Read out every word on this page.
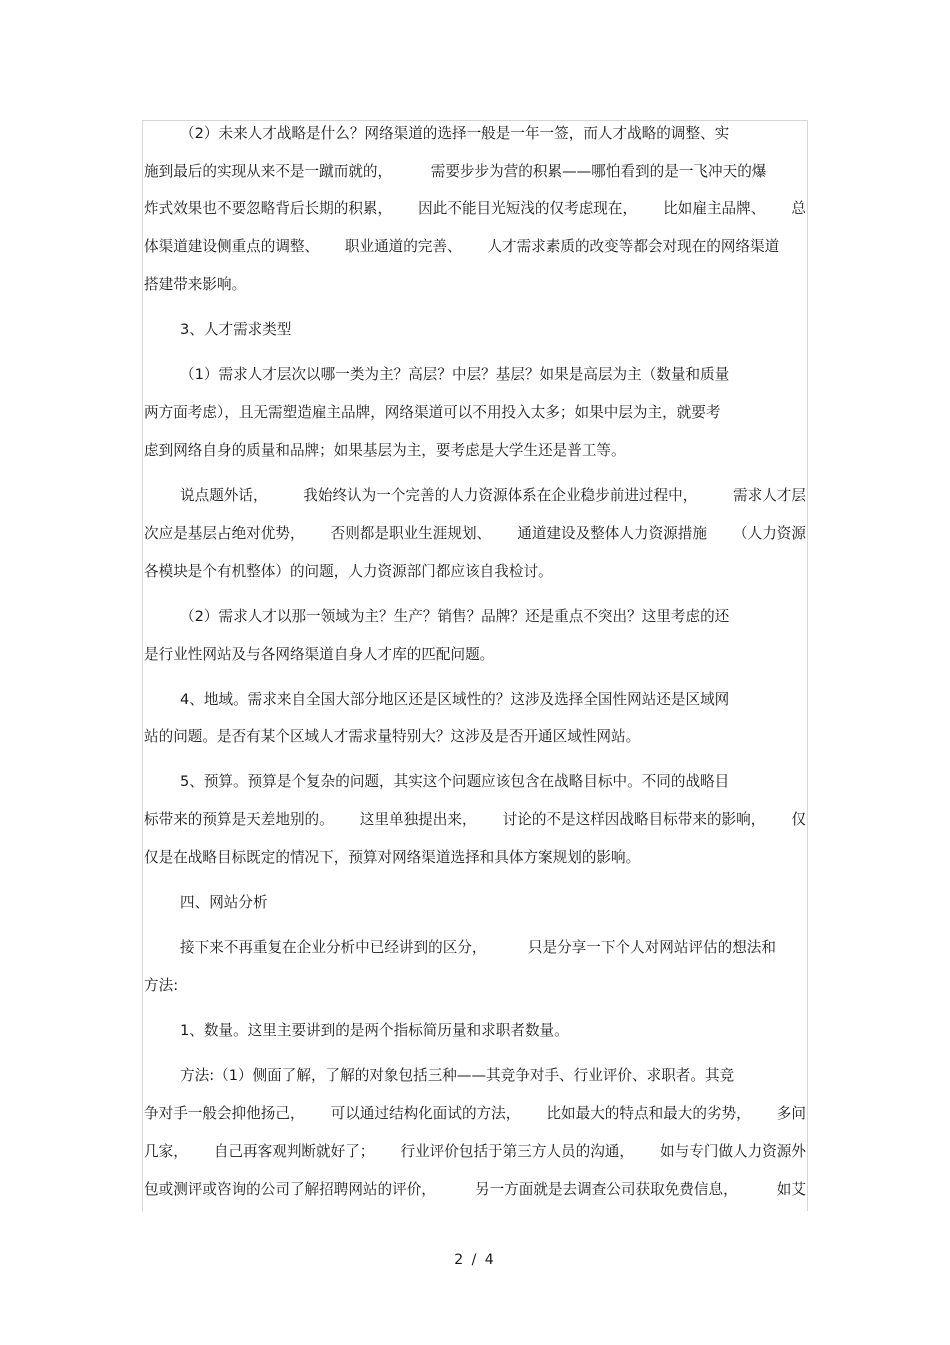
（2）未来人才战略是什么？网络渠道的选择一般是一年一签，而人才战略的调整、实
施到最后的实现从来不是一蹴而就的，	需要步步为营的积累——哪怕看到的是一飞冲天的爆
炸式效果也不要忽略背后长期的积累， 因此不能目光短浅的仅考虑现在， 比如雇主品牌、 总
体渠道建设侧重点的调整、 职业通道的完善、 人才需求素质的改变等都会对现在的网络渠道
搭建带来影响。
3、人才需求类型
（1）需求人才层次以哪一类为主？高层？中层？基层？如果是高层为主（数量和质量
两方面考虑），且无需塑造雇主品牌，网络渠道可以不用投入太多；如果中层为主，就要考
虑到网络自身的质量和品牌；如果基层为主，要考虑是大学生还是普工等。
说点题外话， 我始终认为一个完善的人力资源体系在企业稳步前进过程中， 需求人才层
次应是基层占绝对优势， 否则都是职业生涯规划、 通道建设及整体人力资源措施 （人力资源
各模块是个有机整体）的问题，人力资源部门都应该自我检讨。
（2）需求人才以那一领域为主？生产？销售？品牌？还是重点不突出？这里考虑的还
是行业性网站及与各网络渠道自身人才库的匹配问题。
4、地域。需求来自全国大部分地区还是区域性的？这涉及选择全国性网站还是区域网
站的问题。是否有某个区域人才需求量特别大？这涉及是否开通区域性网站。
5、预算。预算是个复杂的问题，其实这个问题应该包含在战略目标中。不同的战略目
标带来的预算是天差地别的。 这里单独提出来， 讨论的不是这样因战略目标带来的影响， 仅
仅是在战略目标既定的情况下，预算对网络渠道选择和具体方案规划的影响。
四、网站分析
接下来不再重复在企业分析中已经讲到的区分，	只是分享一下个人对网站评估的想法和
方法:
1、数量。这里主要讲到的是两个指标简历量和求职者数量。
方法:（1）侧面了解，了解的对象包括三种——其竞争对手、行业评价、求职者。其竞
争对手一般会抑他扬己， 可以通过结构化面试的方法， 比如最大的特点和最大的劣势， 多问
几家， 自己再客观判断就好了； 行业评价包括于第三方人员的沟通， 如与专门做人力资源外
包或测评或咨询的公司了解招聘网站的评价，	另一方面就是去调查公司获取免费信息，	如艾
2 / 4
